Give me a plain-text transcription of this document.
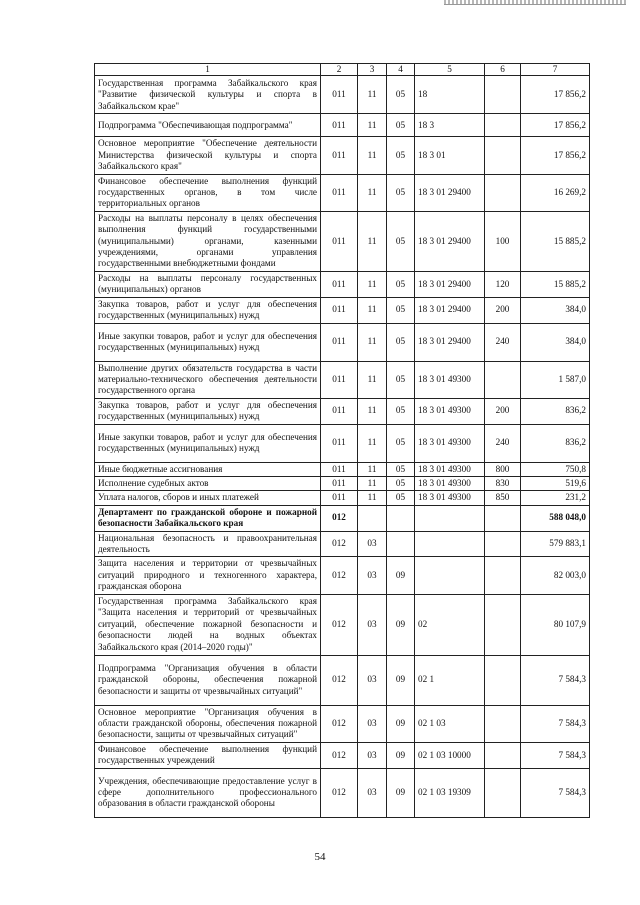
1	2	3	4	5	6	7
Государственная программа Забайкальского края "Развитие физической культуры и спорта в Забайкальском крае"	011	11	05	18		17 856,2
Подпрограмма "Обеспечивающая подпрограмма"	011	11	05	18 3		17 856,2
Основное мероприятие "Обеспечение деятельности Министерства физической культуры и спорта Забайкальского края"	011	11	05	18 3 01		17 856,2
Финансовое обеспечение выполнения функций государственных органов, в том числе территориальных органов	011	11	05	18 3 01 29400		16 269,2
Расходы на выплаты персоналу в целях обеспечения выполнения функций государственными (муниципальными) органами, казенными учреждениями, органами управления государственными внебюджетными фондами	011	11	05	18 3 01 29400	100	15 885,2
Расходы на выплаты персоналу государственных (муниципальных) органов	011	11	05	18 3 01 29400	120	15 885,2
Закупка товаров, работ и услуг для обеспечения государственных (муниципальных) нужд	011	11	05	18 3 01 29400	200	384,0
Иные закупки товаров, работ и услуг для обеспечения государственных (муниципальных) нужд	011	11	05	18 3 01 29400	240	384,0
Выполнение других обязательств государства в части материально-технического обеспечения деятельности государственного органа	011	11	05	18 3 01 49300		1 587,0
Закупка товаров, работ и услуг для обеспечения государственных (муниципальных) нужд	011	11	05	18 3 01 49300	200	836,2
Иные закупки товаров, работ и услуг для обеспечения государственных (муниципальных) нужд	011	11	05	18 3 01 49300	240	836,2
Иные бюджетные ассигнования	011	11	05	18 3 01 49300	800	750,8
Исполнение судебных актов	011	11	05	18 3 01 49300	830	519,6
Уплата налогов, сборов и иных платежей	011	11	05	18 3 01 49300	850	231,2
Департамент по гражданской обороне и пожарной безопасности Забайкальского края	012					588 048,0
Национальная безопасность и правоохранительная деятельность	012	03				579 883,1
Защита населения и территории от чрезвычайных ситуаций природного и техногенного характера, гражданская оборона	012	03	09			82 003,0
Государственная программа Забайкальского края "Защита населения и территорий от чрезвычайных ситуаций, обеспечение пожарной безопасности и безопасности людей на водных объектах Забайкальского края (2014–2020 годы)"	012	03	09	02		80 107,9
Подпрограмма "Организация обучения в области гражданской обороны, обеспечения пожарной безопасности и защиты от чрезвычайных ситуаций"	012	03	09	02 1		7 584,3
Основное мероприятие "Организация обучения в области гражданской обороны, обеспечения пожарной безопасности, защиты от чрезвычайных ситуаций"	012	03	09	02 1 03		7 584,3
Финансовое обеспечение выполнения функций государственных учреждений	012	03	09	02 1 03 10000		7 584,3
Учреждения, обеспечивающие предоставление услуг в сфере дополнительного профессионального образования в области гражданской обороны	012	03	09	02 1 03 19309		7 584,3
54
